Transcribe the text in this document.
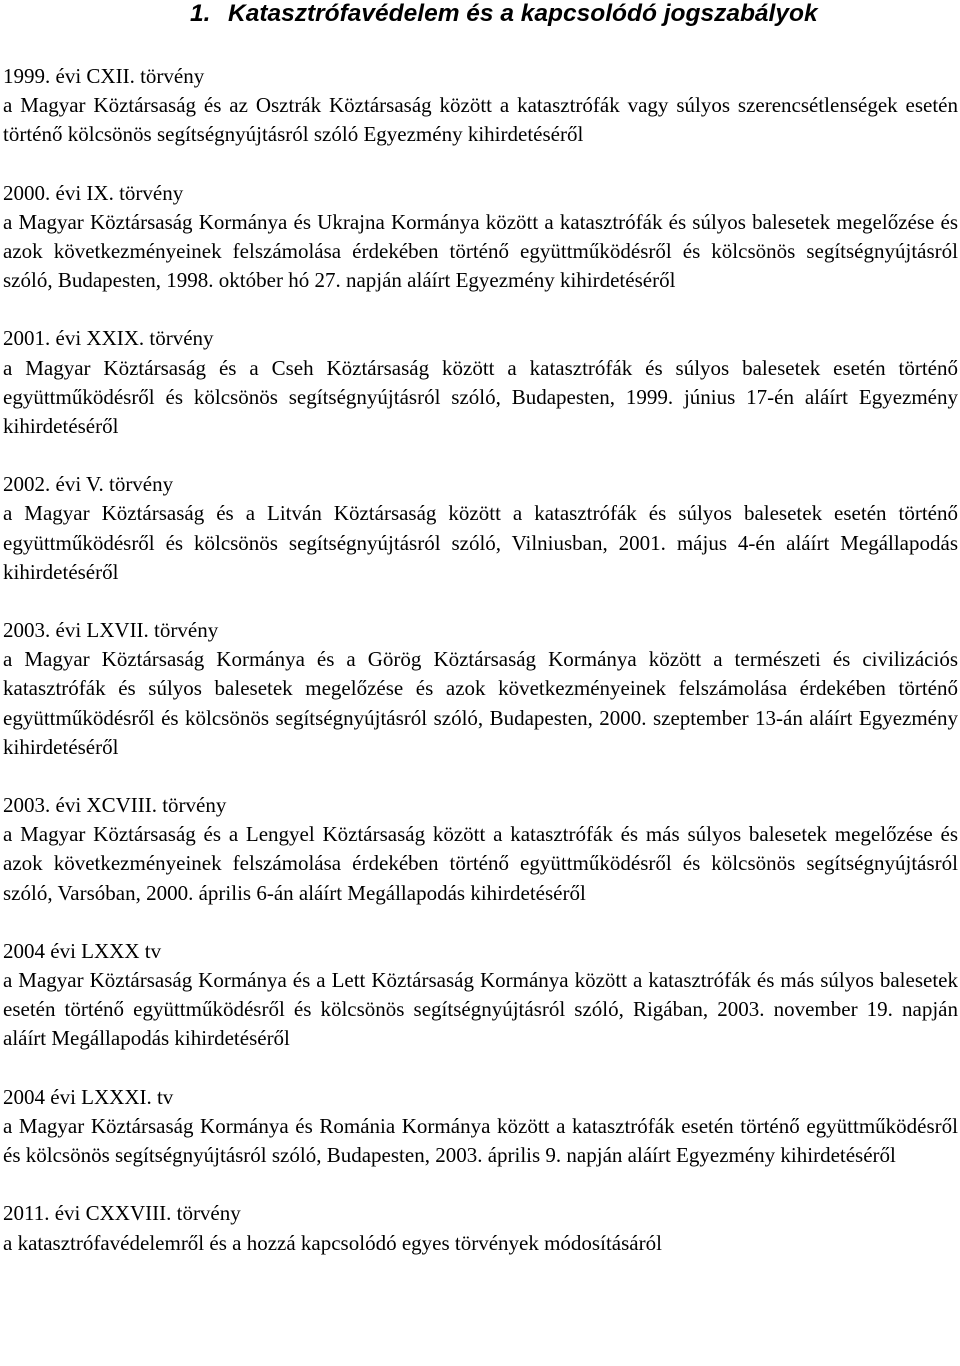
1. Katasztrófavédelem és a kapcsolódó jogszabályok
1999. évi CXII. törvény
a Magyar Köztársaság és az Osztrák Köztársaság között a katasztrófák vagy súlyos szerencsétlenségek esetén történő kölcsönös segítségnyújtásról szóló Egyezmény kihirdetéséről
2000. évi IX. törvény
a Magyar Köztársaság Kormánya és Ukrajna Kormánya között a katasztrófák és súlyos balesetek megelőzése és azok következményeinek felszámolása érdekében történő együttműködésről és kölcsönös segítségnyújtásról szóló, Budapesten, 1998. október hó 27. napján aláírt Egyezmény kihirdetéséről
2001. évi XXIX. törvény
a Magyar Köztársaság és a Cseh Köztársaság között a katasztrófák és súlyos balesetek esetén történő együttműködésről és kölcsönös segítségnyújtásról szóló, Budapesten, 1999. június 17-én aláírt Egyezmény kihirdetéséről
2002. évi V. törvény
a Magyar Köztársaság és a Litván Köztársaság között a katasztrófák és súlyos balesetek esetén történő együttműködésről és kölcsönös segítségnyújtásról szóló, Vilniusban, 2001. május 4-én aláírt Megállapodás kihirdetéséről
2003. évi LXVII. törvény
a Magyar Köztársaság Kormánya és a Görög Köztársaság Kormánya között a természeti és civilizációs katasztrófák és súlyos balesetek megelőzése és azok következményeinek felszámolása érdekében történő együttműködésről és kölcsönös segítségnyújtásról szóló, Budapesten, 2000. szeptember 13-án aláírt Egyezmény kihirdetéséről
2003. évi XCVIII. törvény
a Magyar Köztársaság és a Lengyel Köztársaság között a katasztrófák és más súlyos balesetek megelőzése és azok következményeinek felszámolása érdekében történő együttműködésről és kölcsönös segítségnyújtásról szóló, Varsóban, 2000. április 6-án aláírt Megállapodás kihirdetéséről
2004 évi LXXX tv
a Magyar Köztársaság Kormánya és a Lett Köztársaság Kormánya között a katasztrófák és más súlyos balesetek esetén történő együttműködésről és kölcsönös segítségnyújtásról szóló, Rigában, 2003. november 19. napján aláírt Megállapodás kihirdetéséről
2004 évi LXXXI. tv
a Magyar Köztársaság Kormánya és Románia Kormánya között a katasztrófák esetén történő együttműködésről és kölcsönös segítségnyújtásról szóló, Budapesten, 2003. április 9. napján aláírt Egyezmény kihirdetéséről
2011. évi CXXVIII. törvény
a katasztrófavédelemről és a hozzá kapcsolódó egyes törvények módosításáról
